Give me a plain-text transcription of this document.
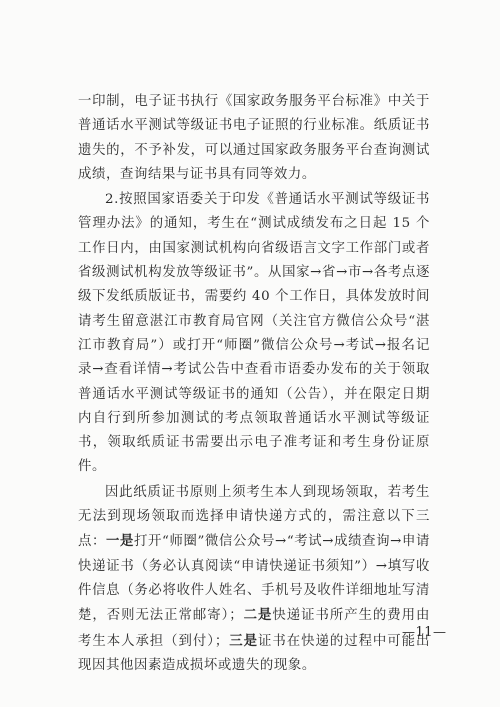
一印制，电子证书执行《国家政务服务平台标准》中关于普通话水平测试等级证书电子证照的行业标准。纸质证书遗失的，不予补发，可以通过国家政务服务平台查询测试成绩，查询结果与证书具有同等效力。

2.按照国家语委关于印发《普通话水平测试等级证书管理办法》的通知，考生在“测试成绩发布之日起 15 个工作日内，由国家测试机构向省级语言文字工作部门或者省级测试机构发放等级证书”。从国家→省→市→各考点逐级下发纸质版证书，需要约 40 个工作日，具体发放时间请考生留意湛江市教育局官网（关注官方微信公众号“湛江市教育局”）或打开“师圈”微信公众号→考试→报名记录→查看详情→考试公告中查看市语委办发布的关于领取普通话水平测试等级证书的通知（公告），并在限定日期内自行到所参加测试的考点领取普通话水平测试等级证书，领取纸质证书需要出示电子准考证和考生身份证原件。

因此纸质证书原则上须考生本人到现场领取，若考生无法到现场领取而选择申请快递方式的，需注意以下三点：一是打开“师圈”微信公众号→“考试→成绩查询→申请快递证书（务必认真阅读“申请快递证书须知”）→填写收件信息（务必将收件人姓名、手机号及收件详细地址写清楚，否则无法正常邮寄）；二是快递证书所产生的费用由考生本人承担（到付）；三是证书在快递的过程中可能出现因其他因素造成损坏或遗失的现象。

—11—
